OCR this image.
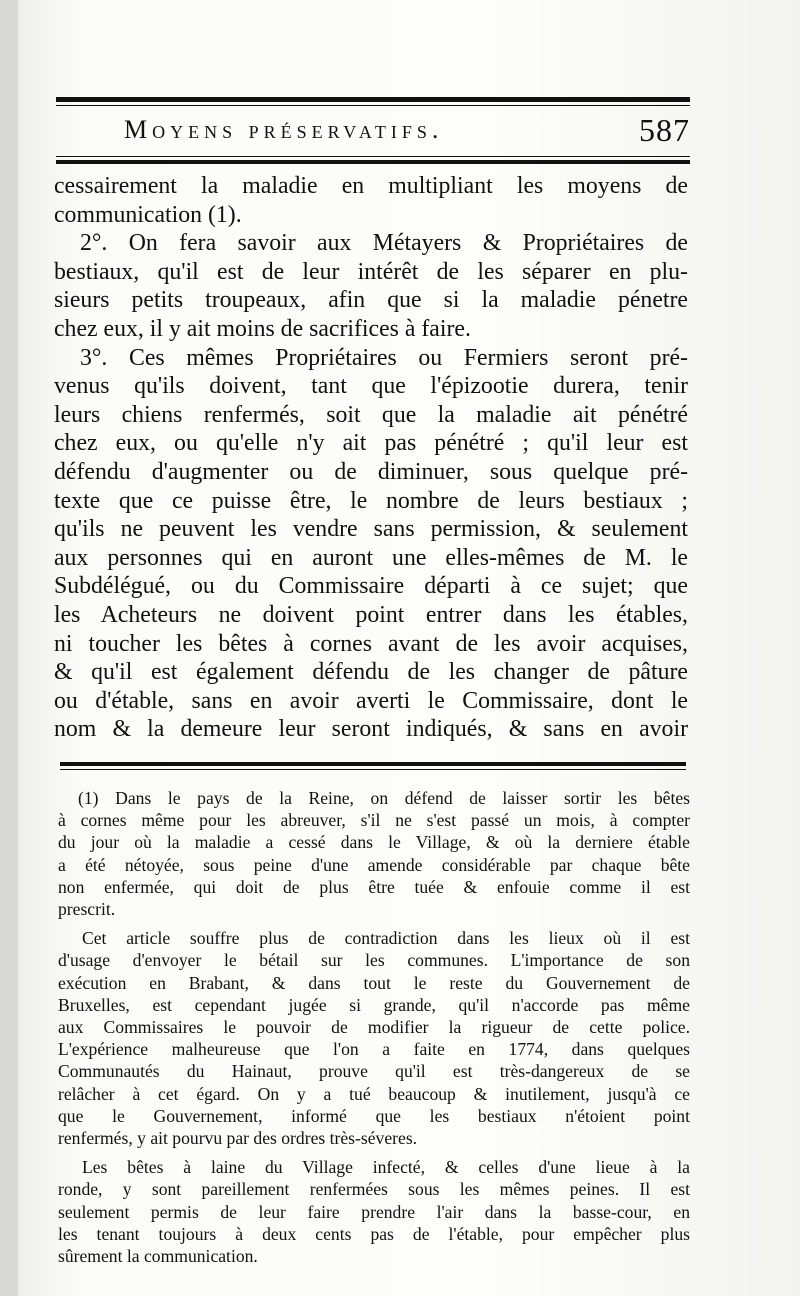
Moyens préservatifs.	587
cessairement la maladie en multipliant les moyens de
communication (1).
2°. On fera savoir aux Métayers & Propriétaires de
bestiaux, qu'il est de leur intérêt de les séparer en plu-
sieurs petits troupeaux, afin que si la maladie pénetre
chez eux, il y ait moins de sacrifices à faire.
3°. Ces mêmes Propriétaires ou Fermiers seront pré-
venus qu'ils doivent, tant que l'épizootie durera, tenir
leurs chiens renfermés, soit que la maladie ait pénétré
chez eux, ou qu'elle n'y ait pas pénétré ; qu'il leur est
défendu d'augmenter ou de diminuer, sous quelque pré-
texte que ce puisse être, le nombre de leurs bestiaux ;
qu'ils ne peuvent les vendre sans permission, & seulement
aux personnes qui en auront une elles-mêmes de M. le
Subdélégué, ou du Commissaire départi à ce sujet; que
les Acheteurs ne doivent point entrer dans les étables,
ni toucher les bêtes à cornes avant de les avoir acquises,
& qu'il est également défendu de les changer de pâture
ou d'étable, sans en avoir averti le Commissaire, dont le
nom & la demeure leur seront indiqués, & sans en avoir
(1) Dans le pays de la Reine, on défend de laisser sortir les bêtes
à cornes même pour les abreuver, s'il ne s'est passé un mois, à compter
du jour où la maladie a cessé dans le Village, & où la derniere étable
a été nétoyée, sous peine d'une amende considérable par chaque bête
non enfermée, qui doit de plus être tuée & enfouie comme il est
prescrit.
Cet article souffre plus de contradiction dans les lieux où il est
d'usage d'envoyer le bétail sur les communes. L'importance de son
exécution en Brabant, & dans tout le reste du Gouvernement de
Bruxelles, est cependant jugée si grande, qu'il n'accorde pas même
aux Commissaires le pouvoir de modifier la rigueur de cette police.
L'expérience malheureuse que l'on a faite en 1774, dans quelques
Communautés du Hainaut, prouve qu'il est très-dangereux de se
relâcher à cet égard. On y a tué beaucoup & inutilement, jusqu'à ce
que le Gouvernement, informé que les bestiaux n'étoient point
renfermés, y ait pourvu par des ordres très-séveres.
Les bêtes à laine du Village infecté, & celles d'une lieue à la
ronde, y sont pareillement renfermées sous les mêmes peines. Il est
seulement permis de leur faire prendre l'air dans la basse-cour, en
les tenant toujours à deux cents pas de l'étable, pour empêcher plus
sûrement la communication.
